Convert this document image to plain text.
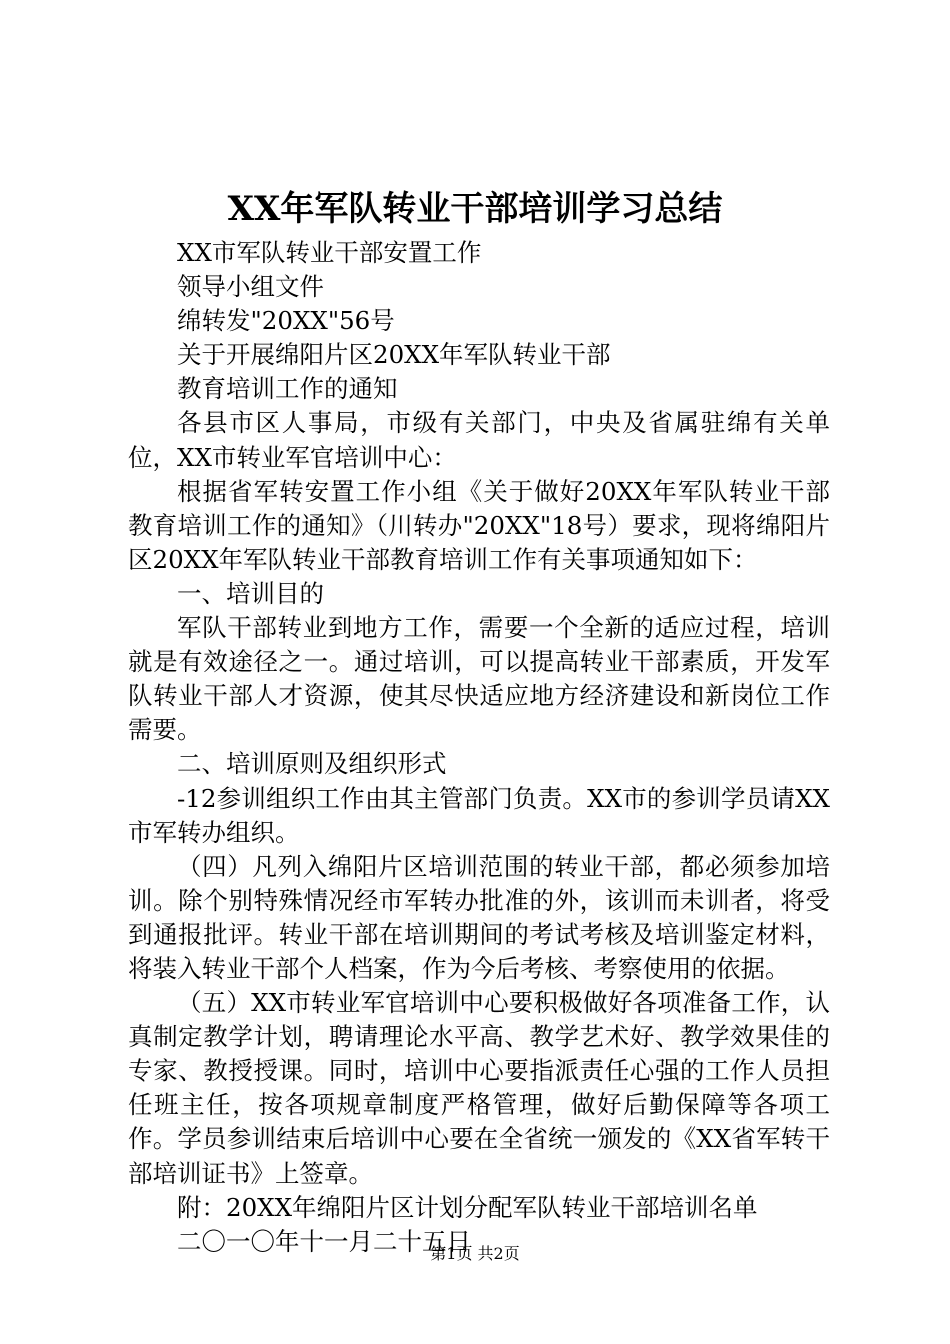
XX年军队转业干部培训学习总结

XX市军队转业干部安置工作

领导小组文件

绵转发"20XX"56号

关于开展绵阳片区20XX年军队转业干部

教育培训工作的通知

各县市区人事局，市级有关部门，中央及省属驻绵有关单位，XX市转业军官培训中心：

根据省军转安置工作小组《关于做好20XX年军队转业干部教育培训工作的通知》（川转办"20XX"18号）要求，现将绵阳片区20XX年军队转业干部教育培训工作有关事项通知如下：

一、培训目的

军队干部转业到地方工作，需要一个全新的适应过程，培训就是有效途径之一。通过培训，可以提高转业干部素质，开发军队转业干部人才资源，使其尽快适应地方经济建设和新岗位工作需要。

二、培训原则及组织形式

-12参训组织工作由其主管部门负责。XX市的参训学员请XX市军转办组织。

（四）凡列入绵阳片区培训范围的转业干部，都必须参加培训。除个别特殊情况经市军转办批准的外，该训而未训者，将受到通报批评。转业干部在培训期间的考试考核及培训鉴定材料，将装入转业干部个人档案，作为今后考核、考察使用的依据。

（五）XX市转业军官培训中心要积极做好各项准备工作，认真制定教学计划，聘请理论水平高、教学艺术好、教学效果佳的专家、教授授课。同时，培训中心要指派责任心强的工作人员担任班主任，按各项规章制度严格管理，做好后勤保障等各项工作。学员参训结束后培训中心要在全省统一颁发的《XX省军转干部培训证书》上签章。

附：20XX年绵阳片区计划分配军队转业干部培训名单

二〇一〇年十一月二十五日

第1页 共2页
